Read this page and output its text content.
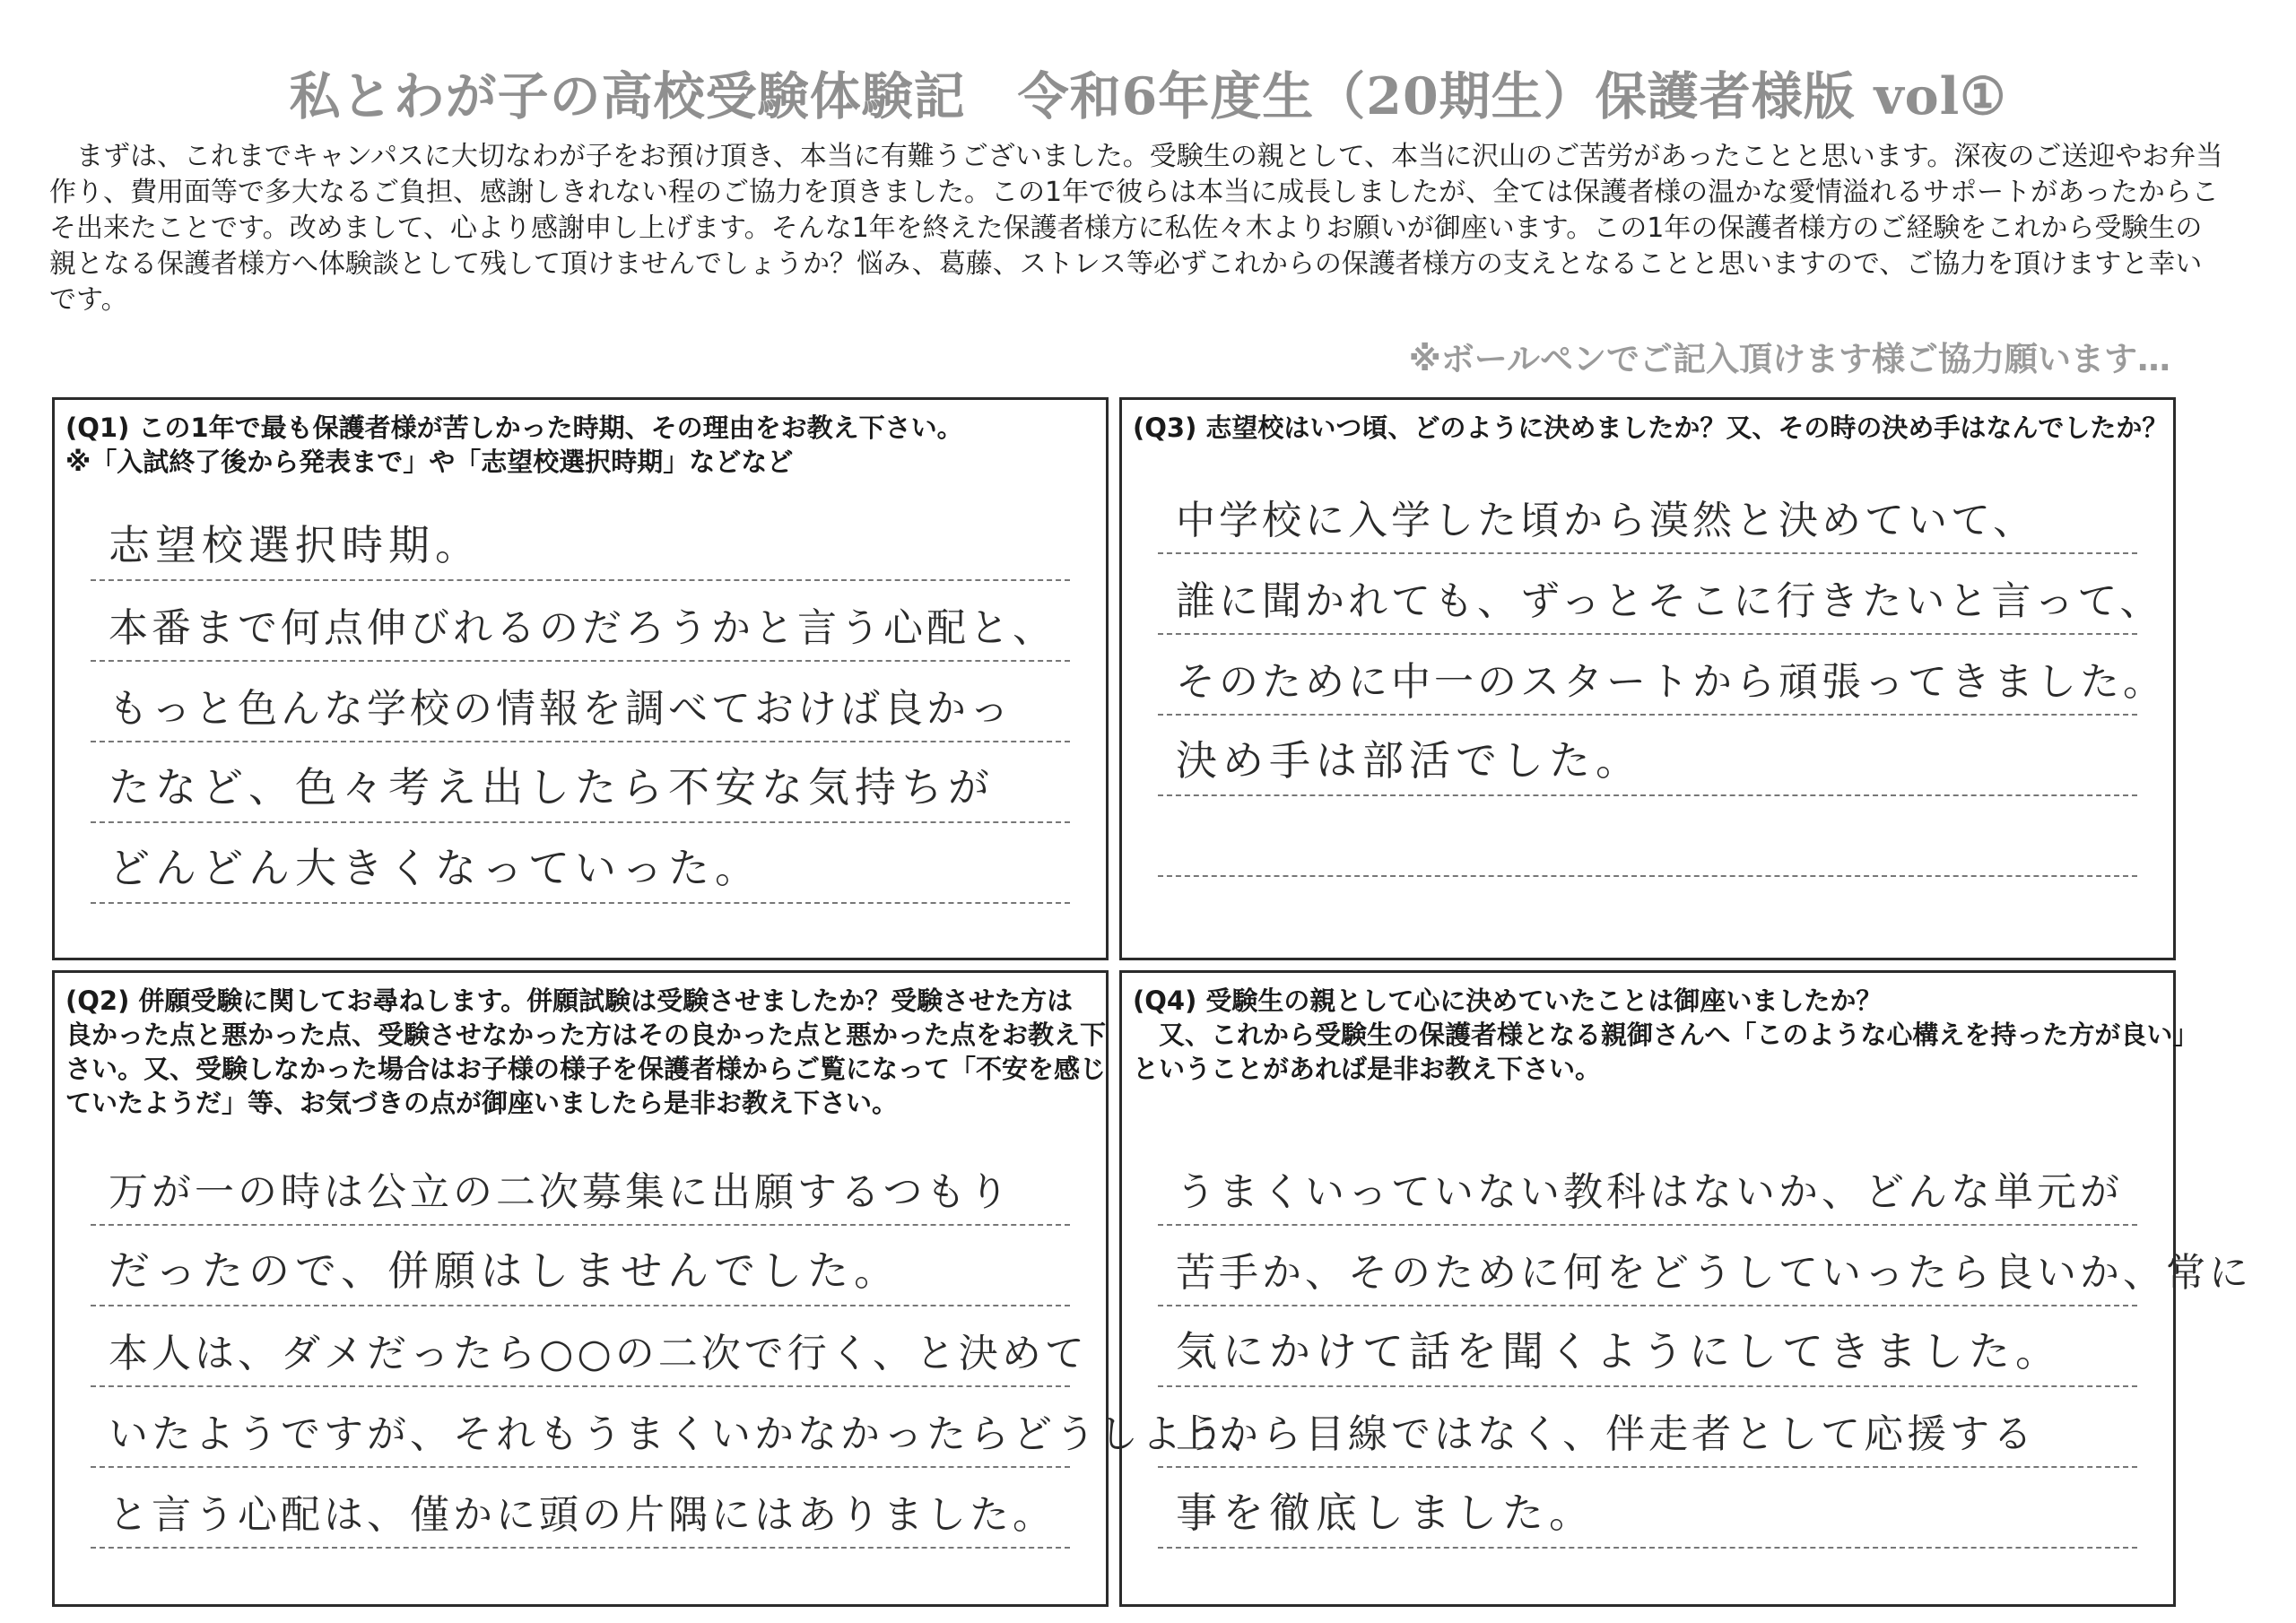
私とわが子の高校受験体験記　令和6年度生（20期生）保護者様版 vol①
まずは、これまでキャンパスに大切なわが子をお預け頂き、本当に有難うございました。受験生の親として、本当に沢山のご苦労があったことと思います。深夜のご送迎やお弁当作り、費用面等で多大なるご負担、感謝しきれない程のご協力を頂きました。この1年で彼らは本当に成長しましたが、全ては保護者様の温かな愛情溢れるサポートがあったからこそ出来たことです。改めまして、心より感謝申し上げます。そんな1年を終えた保護者様方に私佐々木よりお願いが御座います。この1年の保護者様方のご経験をこれから受験生の親となる保護者様方へ体験談として残して頂けませんでしょうか？悩み、葛藤、ストレス等必ずこれからの保護者様方の支えとなることと思いますので、ご協力を頂けますと幸いです。
※ボールペンでご記入頂けます様ご協力願います…
(Q1) この1年で最も保護者様が苦しかった時期、その理由をお教え下さい。
※「入試終了後から発表まで」や「志望校選択時期」などなど
志望校選択時期。
本番まで何点伸びれるのだろうかと言う心配と、
もっと色んな学校の情報を調べておけば良かっ
たなど、色々考え出したら不安な気持ちが
どんどん大きくなっていった。
(Q3) 志望校はいつ頃、どのように決めましたか？又、その時の決め手はなんでしたか？
中学校に入学した頃から漠然と決めていて、
誰に聞かれても、ずっとそこに行きたいと言って、
そのために中一のスタートから頑張ってきました。
決め手は部活でした。
(Q2) 併願受験に関してお尋ねします。併願試験は受験させましたか？受験させた方は
良かった点と悪かった点、受験させなかった方はその良かった点と悪かった点をお教え下
さい。又、受験しなかった場合はお子様の様子を保護者様からご覧になって「不安を感じ
ていたようだ」等、お気づきの点が御座いましたら是非お教え下さい。
万が一の時は公立の二次募集に出願するつもり
だったので、併願はしませんでした。
本人は、ダメだったら○○の二次で行く、と決めて
いたようですが、それもうまくいかなかったらどうしよう、
と言う心配は、僅かに頭の片隅にはありました。
(Q4) 受験生の親として心に決めていたことは御座いましたか？
　又、これから受験生の保護者様となる親御さんへ「このような心構えを持った方が良い」
ということがあれば是非お教え下さい。
うまくいっていない教科はないか、どんな単元が
苦手か、そのために何をどうしていったら良いか、常に
気にかけて話を聞くようにしてきました。
上から目線ではなく、伴走者として応援する
事を徹底しました。
